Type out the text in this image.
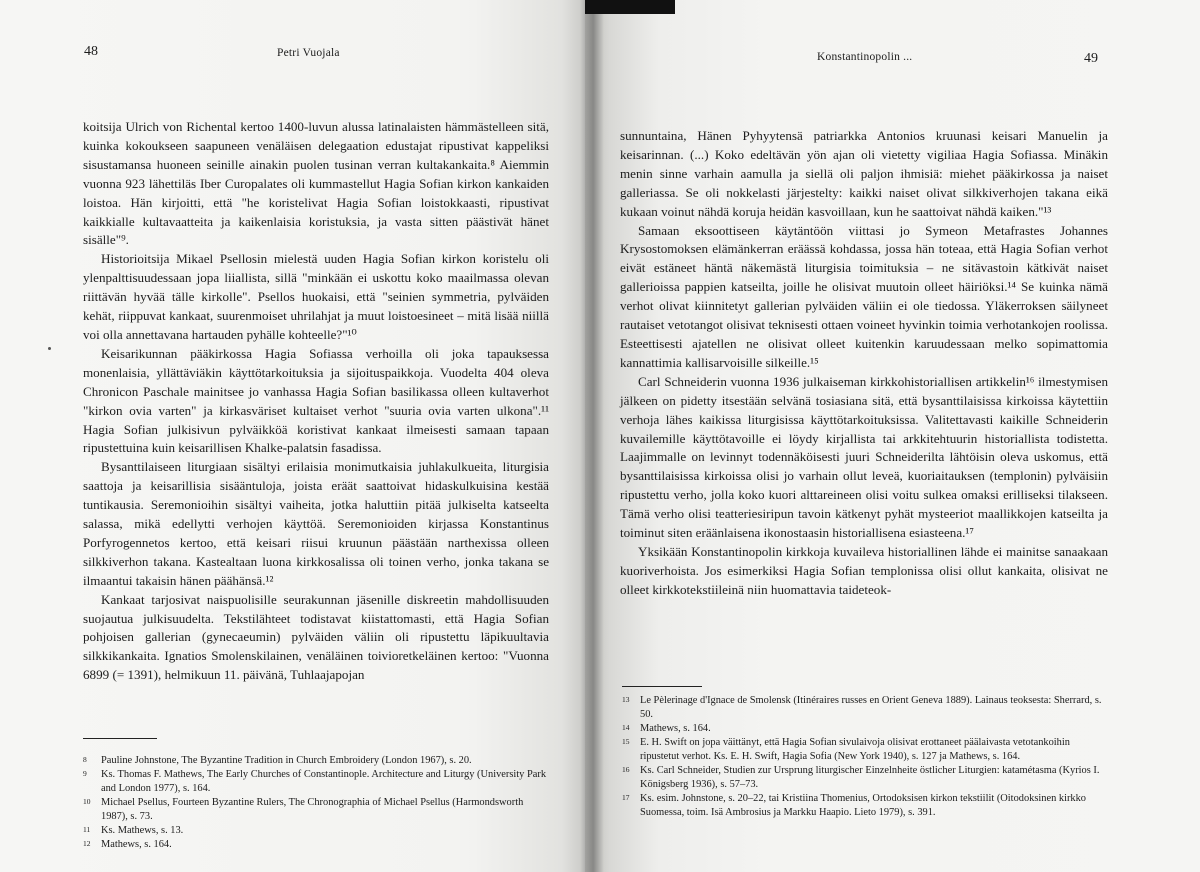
48	Petri Vuojala

koitsija Ulrich von Richental kertoo 1400-luvun alussa latinalaisten hämmästelleen sitä, kuinka kokoukseen saapuneen venäläisen delegaation edustajat ripustivat kappeliksi sisustamansa huoneen seinille ainakin puolen tusinan verran kultakankaita.⁸ Aiemmin vuonna 923 lähettiläs Iber Curopalates oli kummastellut Hagia Sofian kirkon kankaiden loistoa. Hän kirjoitti, että "he koristelivat Hagia Sofian loistokkaasti, ripustivat kaikkialle kultavaatteita ja kaikenlaisia koristuksia, ja vasta sitten päästivät hänet sisälle"⁹.

Historioitsija Mikael Psellosin mielestä uuden Hagia Sofian kirkon koristelu oli ylenpalttisuudessaan jopa liiallista, sillä "minkään ei uskottu koko maailmassa olevan riittävän hyvää tälle kirkolle". Psellos huokaisi, että "seinien symmetria, pylväiden kehät, riippuvat kankaat, suurenmoiset uhrilahjat ja muut loistoesineet – mitä lisää niillä voi olla annettavana hartauden pyhälle kohteelle?"¹⁰

Keisarikunnan pääkirkossa Hagia Sofiassa verhoilla oli joka tapauksessa monenlaisia, yllättäviäkin käyttötarkoituksia ja sijoituspaikkoja. Vuodelta 404 oleva Chronicon Paschale mainitsee jo vanhassa Hagia Sofian basilikassa olleen kultaverhot "kirkon ovia varten" ja kirkasväriset kultaiset verhot "suuria ovia varten ulkona".¹¹ Hagia Sofian julkisivun pylväikköä koristivat kankaat ilmeisesti samaan tapaan ripustettuina kuin keisarillisen Khalke-palatsin fasadissa.

Bysanttilaiseen liturgiaan sisältyi erilaisia monimutkaisia juhlakulkueita, liturgisia saattoja ja keisarillisia sisääntuloja, joista eräät saattoivat hidaskulkuisina kestää tuntikausia. Seremonioihin sisältyi vaiheita, jotka haluttiin pitää julkiselta katseelta salassa, mikä edellytti verhojen käyttöä. Seremonioiden kirjassa Konstantinus Porfyrogennetos kertoo, että keisari riisui kruunun päästään narthexissa olleen silkkiverhon takana. Kastealtaan luona kirkkosalissa oli toinen verho, jonka takana se ilmaantui takaisin hänen päähänsä.¹²

Kankaat tarjosivat naispuolisille seurakunnan jäsenille diskreetin mahdollisuuden suojautua julkisuudelta. Tekstilähteet todistavat kiistattomasti, että Hagia Sofian pohjoisen gallerian (gynecaeumin) pylväiden väliin oli ripustettu läpikuultavia silkkikankaita. Ignatios Smolenskilainen, venäläinen toivioretkeläinen kertoo: "Vuonna 6899 (= 1391), helmikuun 11. päivänä, Tuhlaajapojan

8	Pauline Johnstone, The Byzantine Tradition in Church Embroidery (London 1967), s. 20.
9	Ks. Thomas F. Mathews, The Early Churches of Constantinople. Architecture and Liturgy (University Park and London 1977), s. 164.
10	Michael Psellus, Fourteen Byzantine Rulers, The Chronographia of Michael Psellus (Harmondsworth 1987), s. 73.
11	Ks. Mathews, s. 13.
12	Mathews, s. 164.
49
Konstantinopolin ...

sunnuntaina, Hänen Pyhyytensä patriarkka Antonios kruunasi keisari Manuelin ja keisarinnan. (...) Koko edeltävän yön ajan oli vietetty vigiliaa Hagia Sofiassa. Minäkin menin sinne varhain aamulla ja siellä oli paljon ihmisiä: miehet pääkirkossa ja naiset galleriassa. Se oli nokkelasti järjestelty: kaikki naiset olivat silkkiverhojen takana eikä kukaan voinut nähdä koruja heidän kasvoillaan, kun he saattoivat nähdä kaiken."¹³

Samaan eksoottiseen käytäntöön viittasi jo Symeon Metafrastes Johannes Krysostomoksen elämänkerran eräässä kohdassa, jossa hän toteaa, että Hagia Sofian verhot eivät estäneet häntä näkemästä liturgisia toimituksia – ne sitävastoin kätkivät naiset gallerioissa pappien katseilta, joille he olisivat muutoin olleet häiriöksi.¹⁴ Se kuinka nämä verhot olivat kiinnitetyt gallerian pylväiden väliin ei ole tiedossa. Yläkerroksen säilyneet rautaiset vetotangot olisivat teknisesti ottaen voineet hyvinkin toimia verhotankojen roolissa. Esteettisesti ajatellen ne olisivat olleet kuitenkin karuudessaan melko sopimattomia kannattimia kallisarvoisille silkeille.¹⁵

Carl Schneiderin vuonna 1936 julkaiseman kirkkohistoriallisen artikkelin¹⁶ ilmestymisen jälkeen on pidetty itsestään selvänä tosiasiana sitä, että bysanttilaisissa kirkoissa käytettiin verhoja lähes kaikissa liturgisissa käyttötarkoituksissa. Valitettavasti kaikille Schneiderin kuvailemille käyttötavoille ei löydy kirjallista tai arkkitehtuurin historiallista todistetta. Laajimmalle on levinnyt todennäköisesti juuri Schneiderilta lähtöisin oleva uskomus, että bysanttilaisissa kirkoissa olisi jo varhain ollut leveä, kuoriaitauksen (templonin) pylväisiin ripustettu verho, jolla koko kuori alttareineen olisi voitu sulkea omaksi erilliseksi tilakseen. Tämä verho olisi teatteriesiripun tavoin kätkenyt pyhät mysteeriot maallikkojen katseilta ja toiminut siten eräänlaisena ikonostaasin historiallisena esiasteena.¹⁷

Yksikään Konstantinopolin kirkkoja kuvaileva historiallinen lähde ei mainitse sanaakaan kuoriverhoista. Jos esimerkiksi Hagia Sofian templonissa olisi ollut kankaita, olisivat ne olleet kirkkotekstiileinä niin huomattavia taideteok-

13	Le Pèlerinage d'Ignace de Smolensk (Itinéraires russes en Orient Geneva 1889). Lainaus teoksesta: Sherrard, s. 50.
14	Mathews, s. 164.
15	E. H. Swift on jopa väittänyt, että Hagia Sofian sivulaivoja olisivat erottaneet päälaivasta vetotankoihin ripustetut verhot. Ks. E. H. Swift, Hagia Sofia (New York 1940), s. 127 ja Mathews, s. 164.
16	Ks. Carl Schneider, Studien zur Ursprung liturgischer Einzelnheite östlicher Liturgien: katamétasma (Kyrios I. Königsberg 1936), s. 57–73.
17	Ks. esim. Johnstone, s. 20–22, tai Kristiina Thomenius, Ortodoksisen kirkon tekstiilit (Oitodoksinen kirkko Suomessa, toim. Isä Ambrosius ja Markku Haapio. Lieto 1979), s. 391.
